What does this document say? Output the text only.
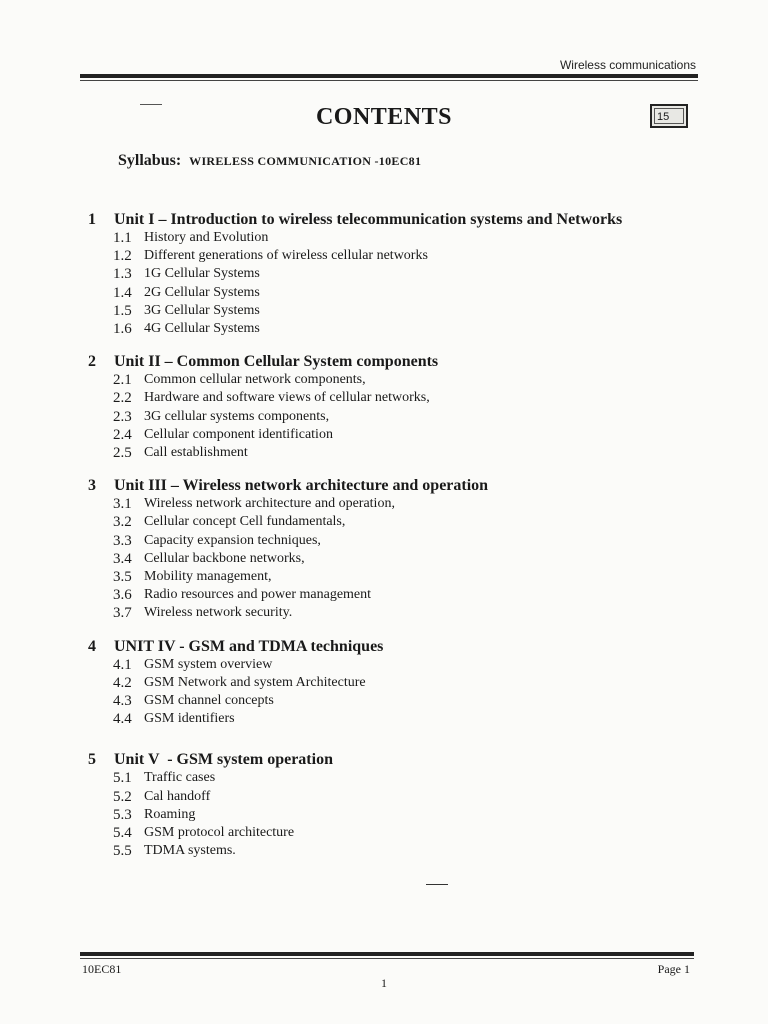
Wireless communications
CONTENTS	15
Syllabus: WIRELESS COMMUNICATION -10EC81
1	Unit I – Introduction to wireless telecommunication systems and Networks
1.1 History and Evolution
1.2 Different generations of wireless cellular networks
1.3 1G Cellular Systems
1.4 2G Cellular Systems
1.5 3G Cellular Systems
1.6 4G Cellular Systems
2	Unit II – Common Cellular System components
2.1 Common cellular network components,
2.2 Hardware and software views of cellular networks,
2.3 3G cellular systems components,
2.4 Cellular component identification
2.5 Call establishment
3	Unit III – Wireless network architecture and operation
3.1 Wireless network architecture and operation,
3.2 Cellular concept Cell fundamentals,
3.3 Capacity expansion techniques,
3.4 Cellular backbone networks,
3.5 Mobility management,
3.6 Radio resources and power management
3.7 Wireless network security.
4	UNIT IV - GSM and TDMA techniques
4.1 GSM system overview
4.2 GSM Network and system Architecture
4.3 GSM channel concepts
4.4 GSM identifiers
5	Unit V  - GSM system operation
5.1 Traffic cases
5.2 Cal handoff
5.3 Roaming
5.4 GSM protocol architecture
5.5 TDMA systems.
10EC81	Page 1
1
